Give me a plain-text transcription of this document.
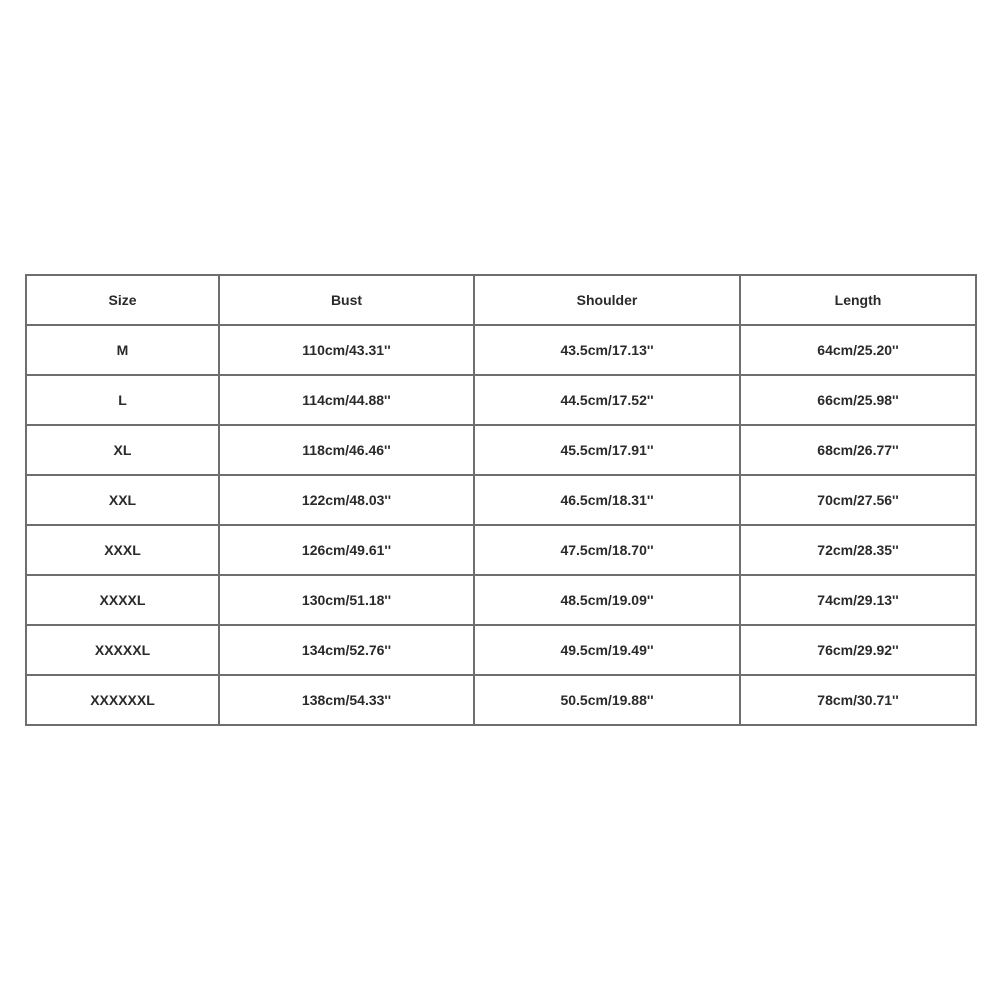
Size	Bust	Shoulder	Length
M	110cm/43.31''	43.5cm/17.13''	64cm/25.20''
L	114cm/44.88''	44.5cm/17.52''	66cm/25.98''
XL	118cm/46.46''	45.5cm/17.91''	68cm/26.77''
XXL	122cm/48.03''	46.5cm/18.31''	70cm/27.56''
XXXL	126cm/49.61''	47.5cm/18.70''	72cm/28.35''
XXXXL	130cm/51.18''	48.5cm/19.09''	74cm/29.13''
XXXXXL	134cm/52.76''	49.5cm/19.49''	76cm/29.92''
XXXXXXL	138cm/54.33''	50.5cm/19.88''	78cm/30.71''
